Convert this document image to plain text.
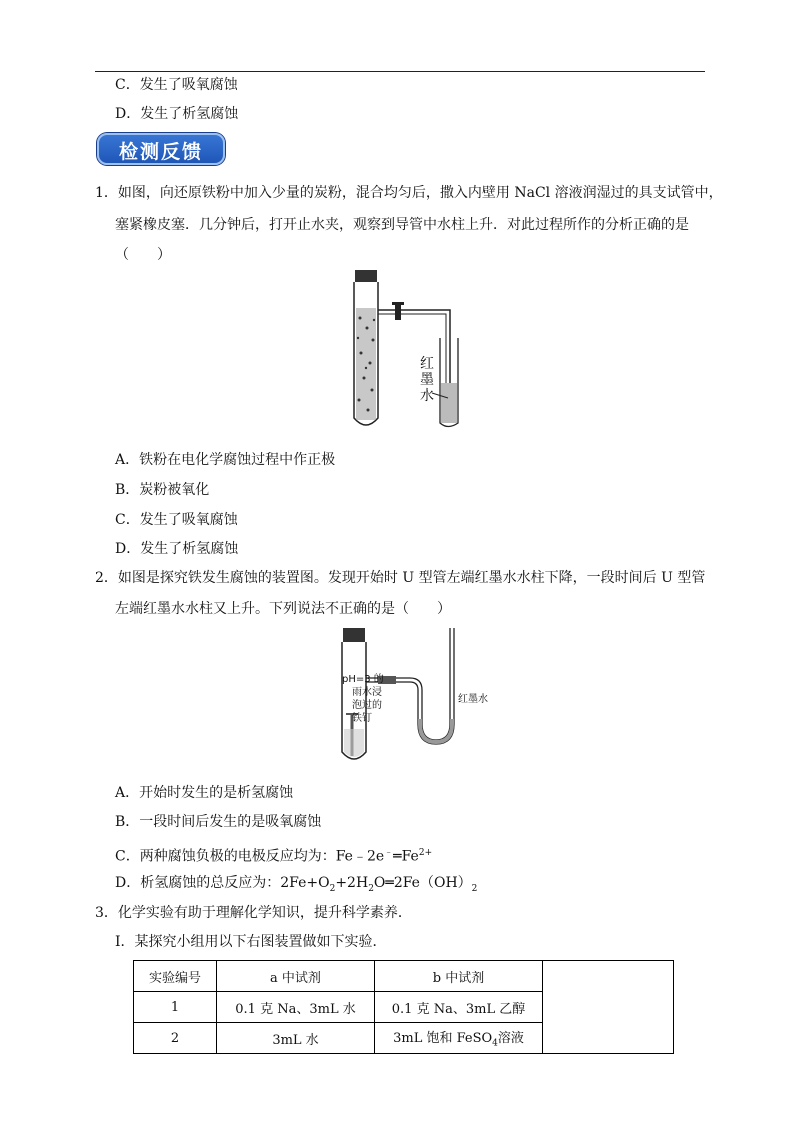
C．发生了吸氧腐蚀
D．发生了析氢腐蚀
检测反馈
1．如图，向还原铁粉中加入少量的炭粉，混合均匀后，撒入内壁用 NaCl 溶液润湿过的具支试管中，
塞紧橡皮塞．几分钟后，打开止水夹，观察到导管中水柱上升．对此过程所作的分析正确的是
（　　）
红墨水
A．铁粉在电化学腐蚀过程中作正极
B．炭粉被氧化
C．发生了吸氧腐蚀
D．发生了析氢腐蚀
2．如图是探究铁发生腐蚀的装置图。发现开始时 U 型管左端红墨水水柱下降，一段时间后 U 型管
左端红墨水水柱又上升。下列说法不正确的是（　　）
pH=3 的
雨水浸
泡过的
铁钉
红墨水
A．开始时发生的是析氢腐蚀
B．一段时间后发生的是吸氧腐蚀
C．两种腐蚀负极的电极反应均为：$Fe﹣2e^﹣═Fe^{2+}$
D．析氢腐蚀的总反应为：$2Fe+O_2+2H_2O═2Fe(OH)_2$
3．化学实验有助于理解化学知识，提升科学素养．
Ⅰ．某探究小组用以下右图装置做如下实验．
实验编号	a 中试剂	b 中试剂	
1	0.1 克 Na、3mL 水	0.1 克 Na、3mL 乙醇	
2	3mL 水	3mL 饱和 FeSO$_4$溶液	
